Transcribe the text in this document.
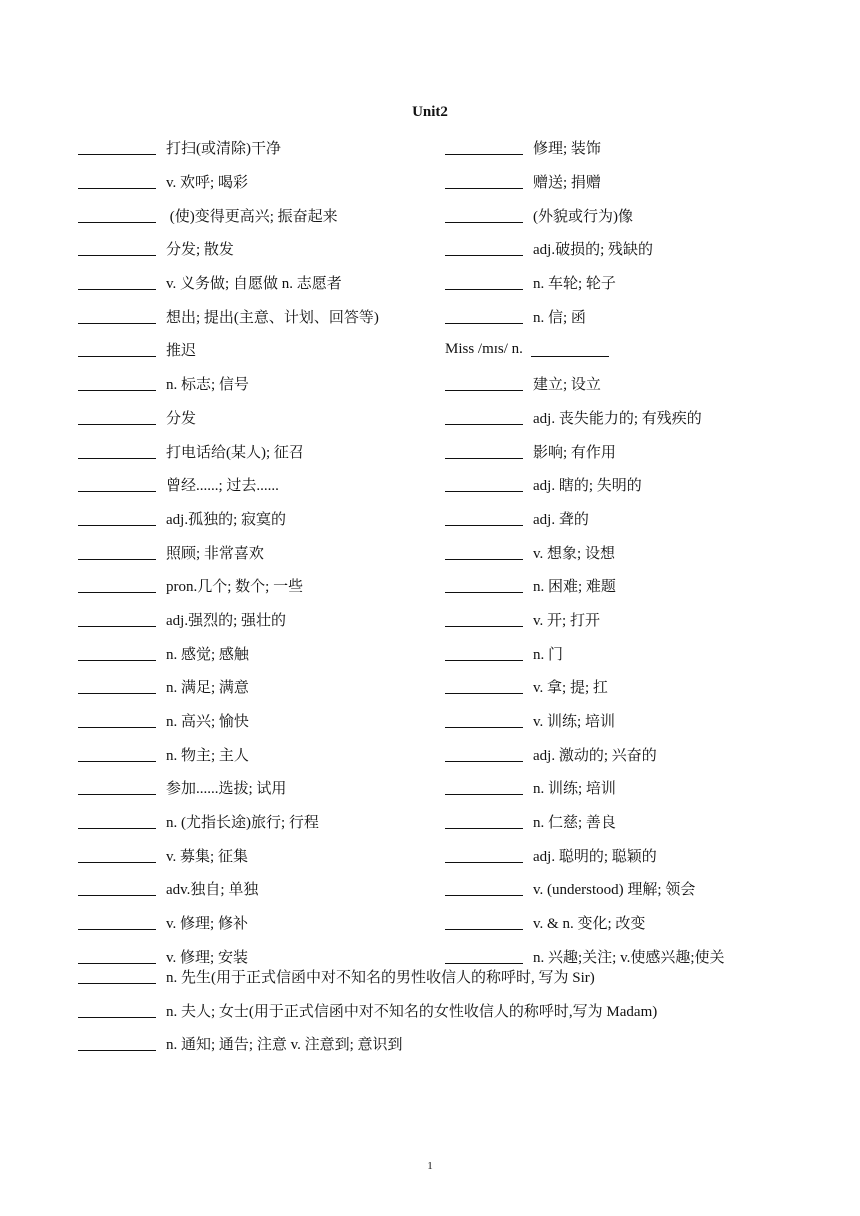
Unit2
打扫(或清除)干净
v. 欢呼; 喝彩
(使)变得更高兴; 振奋起来
分发; 散发
v. 义务做; 自愿做 n. 志愿者
想出; 提出(主意、计划、回答等)
推迟
n. 标志; 信号
分发
打电话给(某人); 征召
曾经......; 过去......
adj.孤独的; 寂寞的
照顾; 非常喜欢
pron.几个; 数个; 一些
adj.强烈的; 强壮的
n. 感觉; 感触
n. 满足; 满意
n. 高兴; 愉快
n. 物主; 主人
参加......选拔; 试用
n. (尤指长途)旅行; 行程
v. 募集; 征集
adv.独自; 单独
v. 修理; 修补
v. 修理; 安装
修理; 装饰
赠送; 捐赠
(外貌或行为)像
adj.破损的; 残缺的
n. 车轮; 轮子
n. 信; 函
Miss /mɪs/ n.
建立; 设立
adj. 丧失能力的; 有残疾的
影响; 有作用
adj. 瞎的; 失明的
adj. 聋的
v. 想象; 设想
n. 困难; 难题
v. 开; 打开
n. 门
v. 拿; 提; 扛
v. 训练; 培训
adj. 激动的; 兴奋的
n. 训练; 培训
n. 仁慈; 善良
adj. 聪明的; 聪颖的
v. (understood) 理解; 领会
v. & n. 变化; 改变
n. 兴趣;关注; v.使感兴趣;使关
n. 先生(用于正式信函中对不知名的男性收信人的称呼时, 写为 Sir)
n. 夫人; 女士(用于正式信函中对不知名的女性收信人的称呼时,写为 Madam)
n. 通知; 通告; 注意 v. 注意到; 意识到
1
